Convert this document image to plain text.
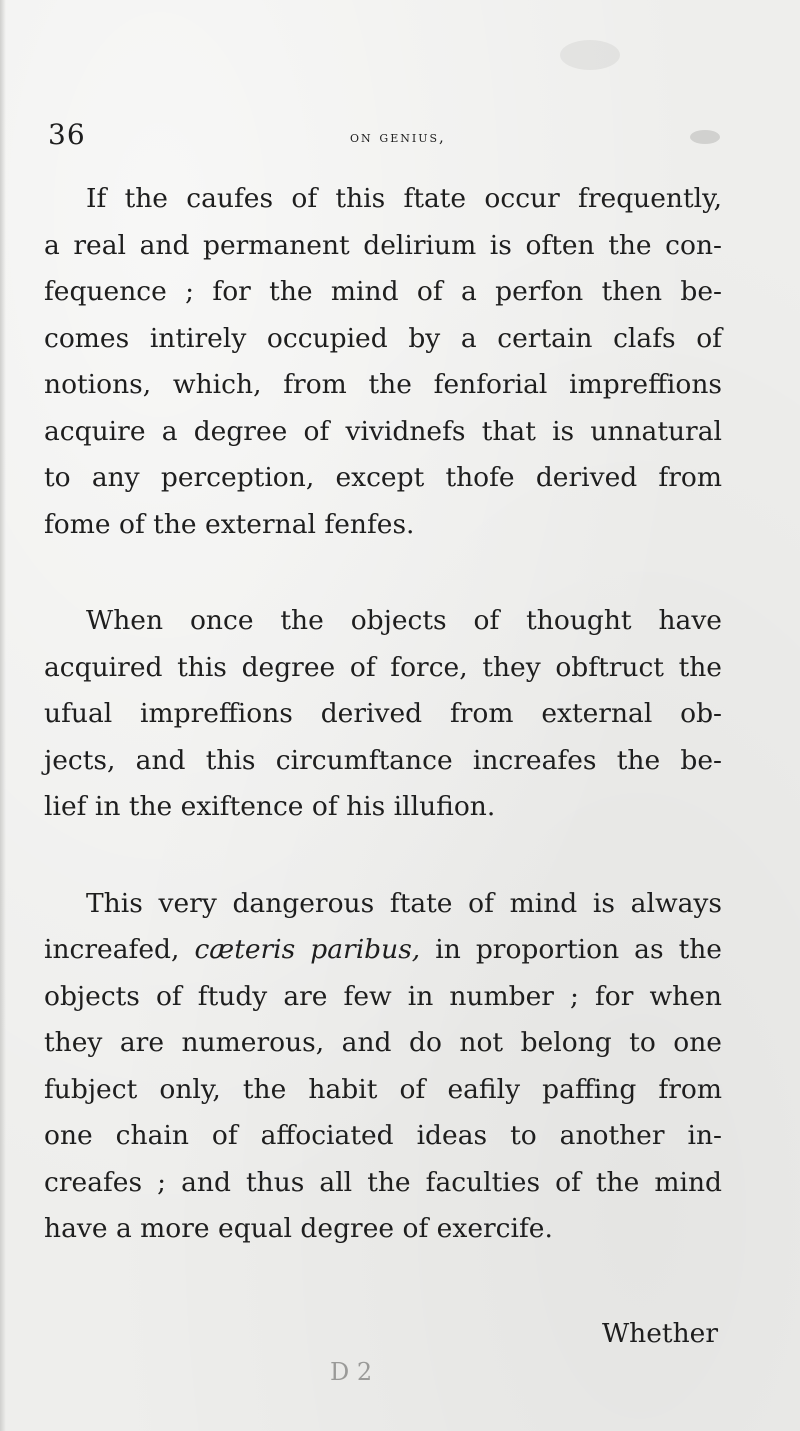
36	on genius,

If the caufes of this ftate occur frequently,
a real and permanent delirium is often the con-
fequence ; for the mind of a perfon then be-
comes intirely occupied by a certain clafs of
notions, which, from the fenforial impreffions
acquire a degree of vividnefs that is unnatural
to any perception, except thofe derived from
fome of the external fenfes.

When once the objects of thought have
acquired this degree of force, they obftruct the
ufual impreffions derived from external ob-
jects, and this circumftance increafes the be-
lief in the exiftence of his illufion.

This very dangerous ftate of mind is always
increafed, cæteris paribus, in proportion as the
objects of ftudy are few in number ; for when
they are numerous, and do not belong to one
fubject only, the habit of eafily paffing from
one chain of affociated ideas to another in-
creafes ; and thus all the faculties of the mind
have a more equal degree of exercife.

Whether
D 2
